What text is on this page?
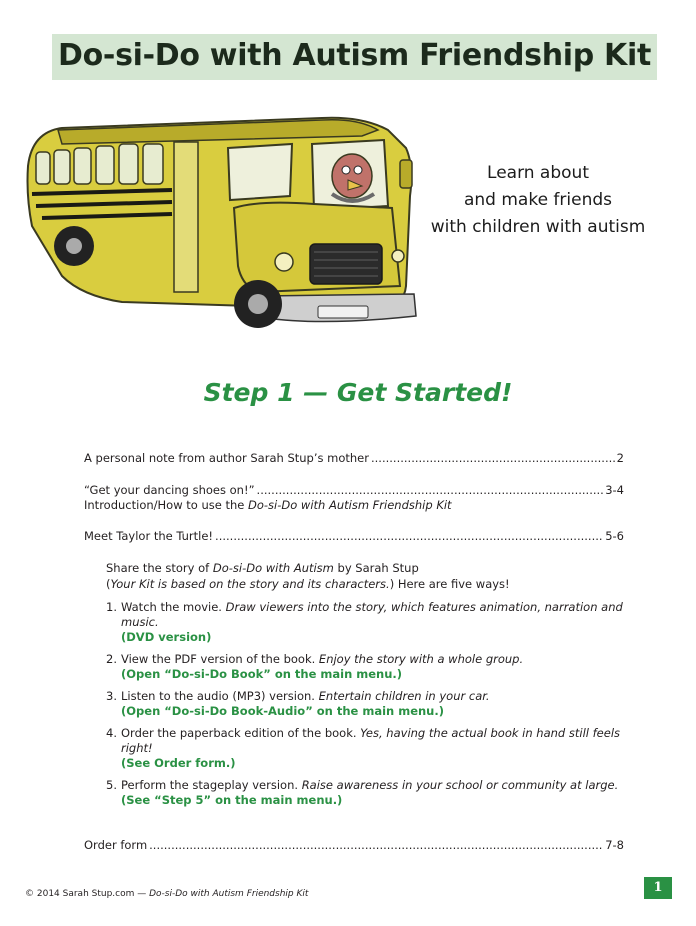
Do-si-Do with Autism Friendship Kit
Learn about
and make friends
with children with autism
Step 1 — Get Started!
A personal note from author Sarah Stup’s mother .....	2
“Get your dancing shoes on!” .....	3-4
Introduction/How to use the Do-si-Do with Autism Friendship Kit
Meet Taylor the Turtle! .....	5-6
Share the story of Do-si-Do with Autism by Sarah Stup
(Your Kit is based on the story and its characters.) Here are five ways!
1. Watch the movie. Draw viewers into the story, which features animation, narration and music.
(DVD version)
2. View the PDF version of the book. Enjoy the story with a whole group.
(Open “Do-si-Do Book” on the main menu.)
3. Listen to the audio (MP3) version. Entertain children in your car.
(Open “Do-si-Do Book-Audio” on the main menu.)
4. Order the paperback edition of the book. Yes, having the actual book in hand still feels right!
(See Order form.)
5. Perform the stageplay version. Raise awareness in your school or community at large.
(See “Step 5” on the main menu.)
Order form .....	7-8
© 2014 Sarah Stup.com — Do-si-Do with Autism Friendship Kit	1
